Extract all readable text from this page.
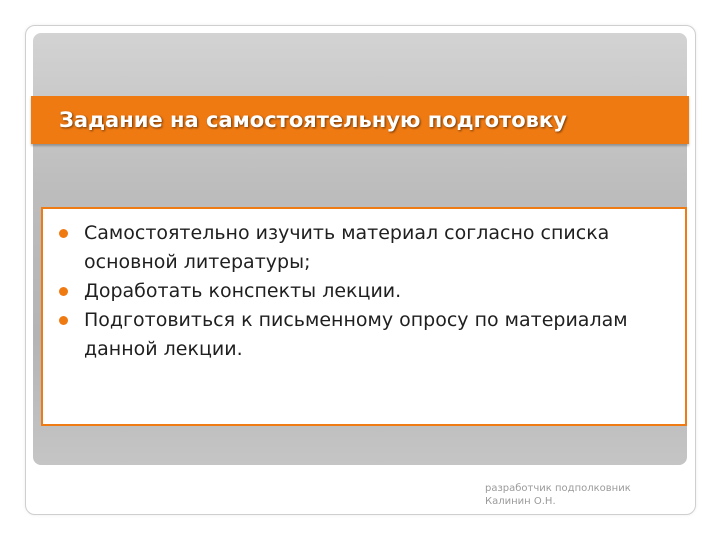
Задание на самостоятельную подготовку
Самостоятельно изучить материал согласно списка основной литературы;
Доработать конспекты лекции.
Подготовиться к письменному опросу по материалам данной лекции.
разработчик подполковник
Калинин О.Н.
